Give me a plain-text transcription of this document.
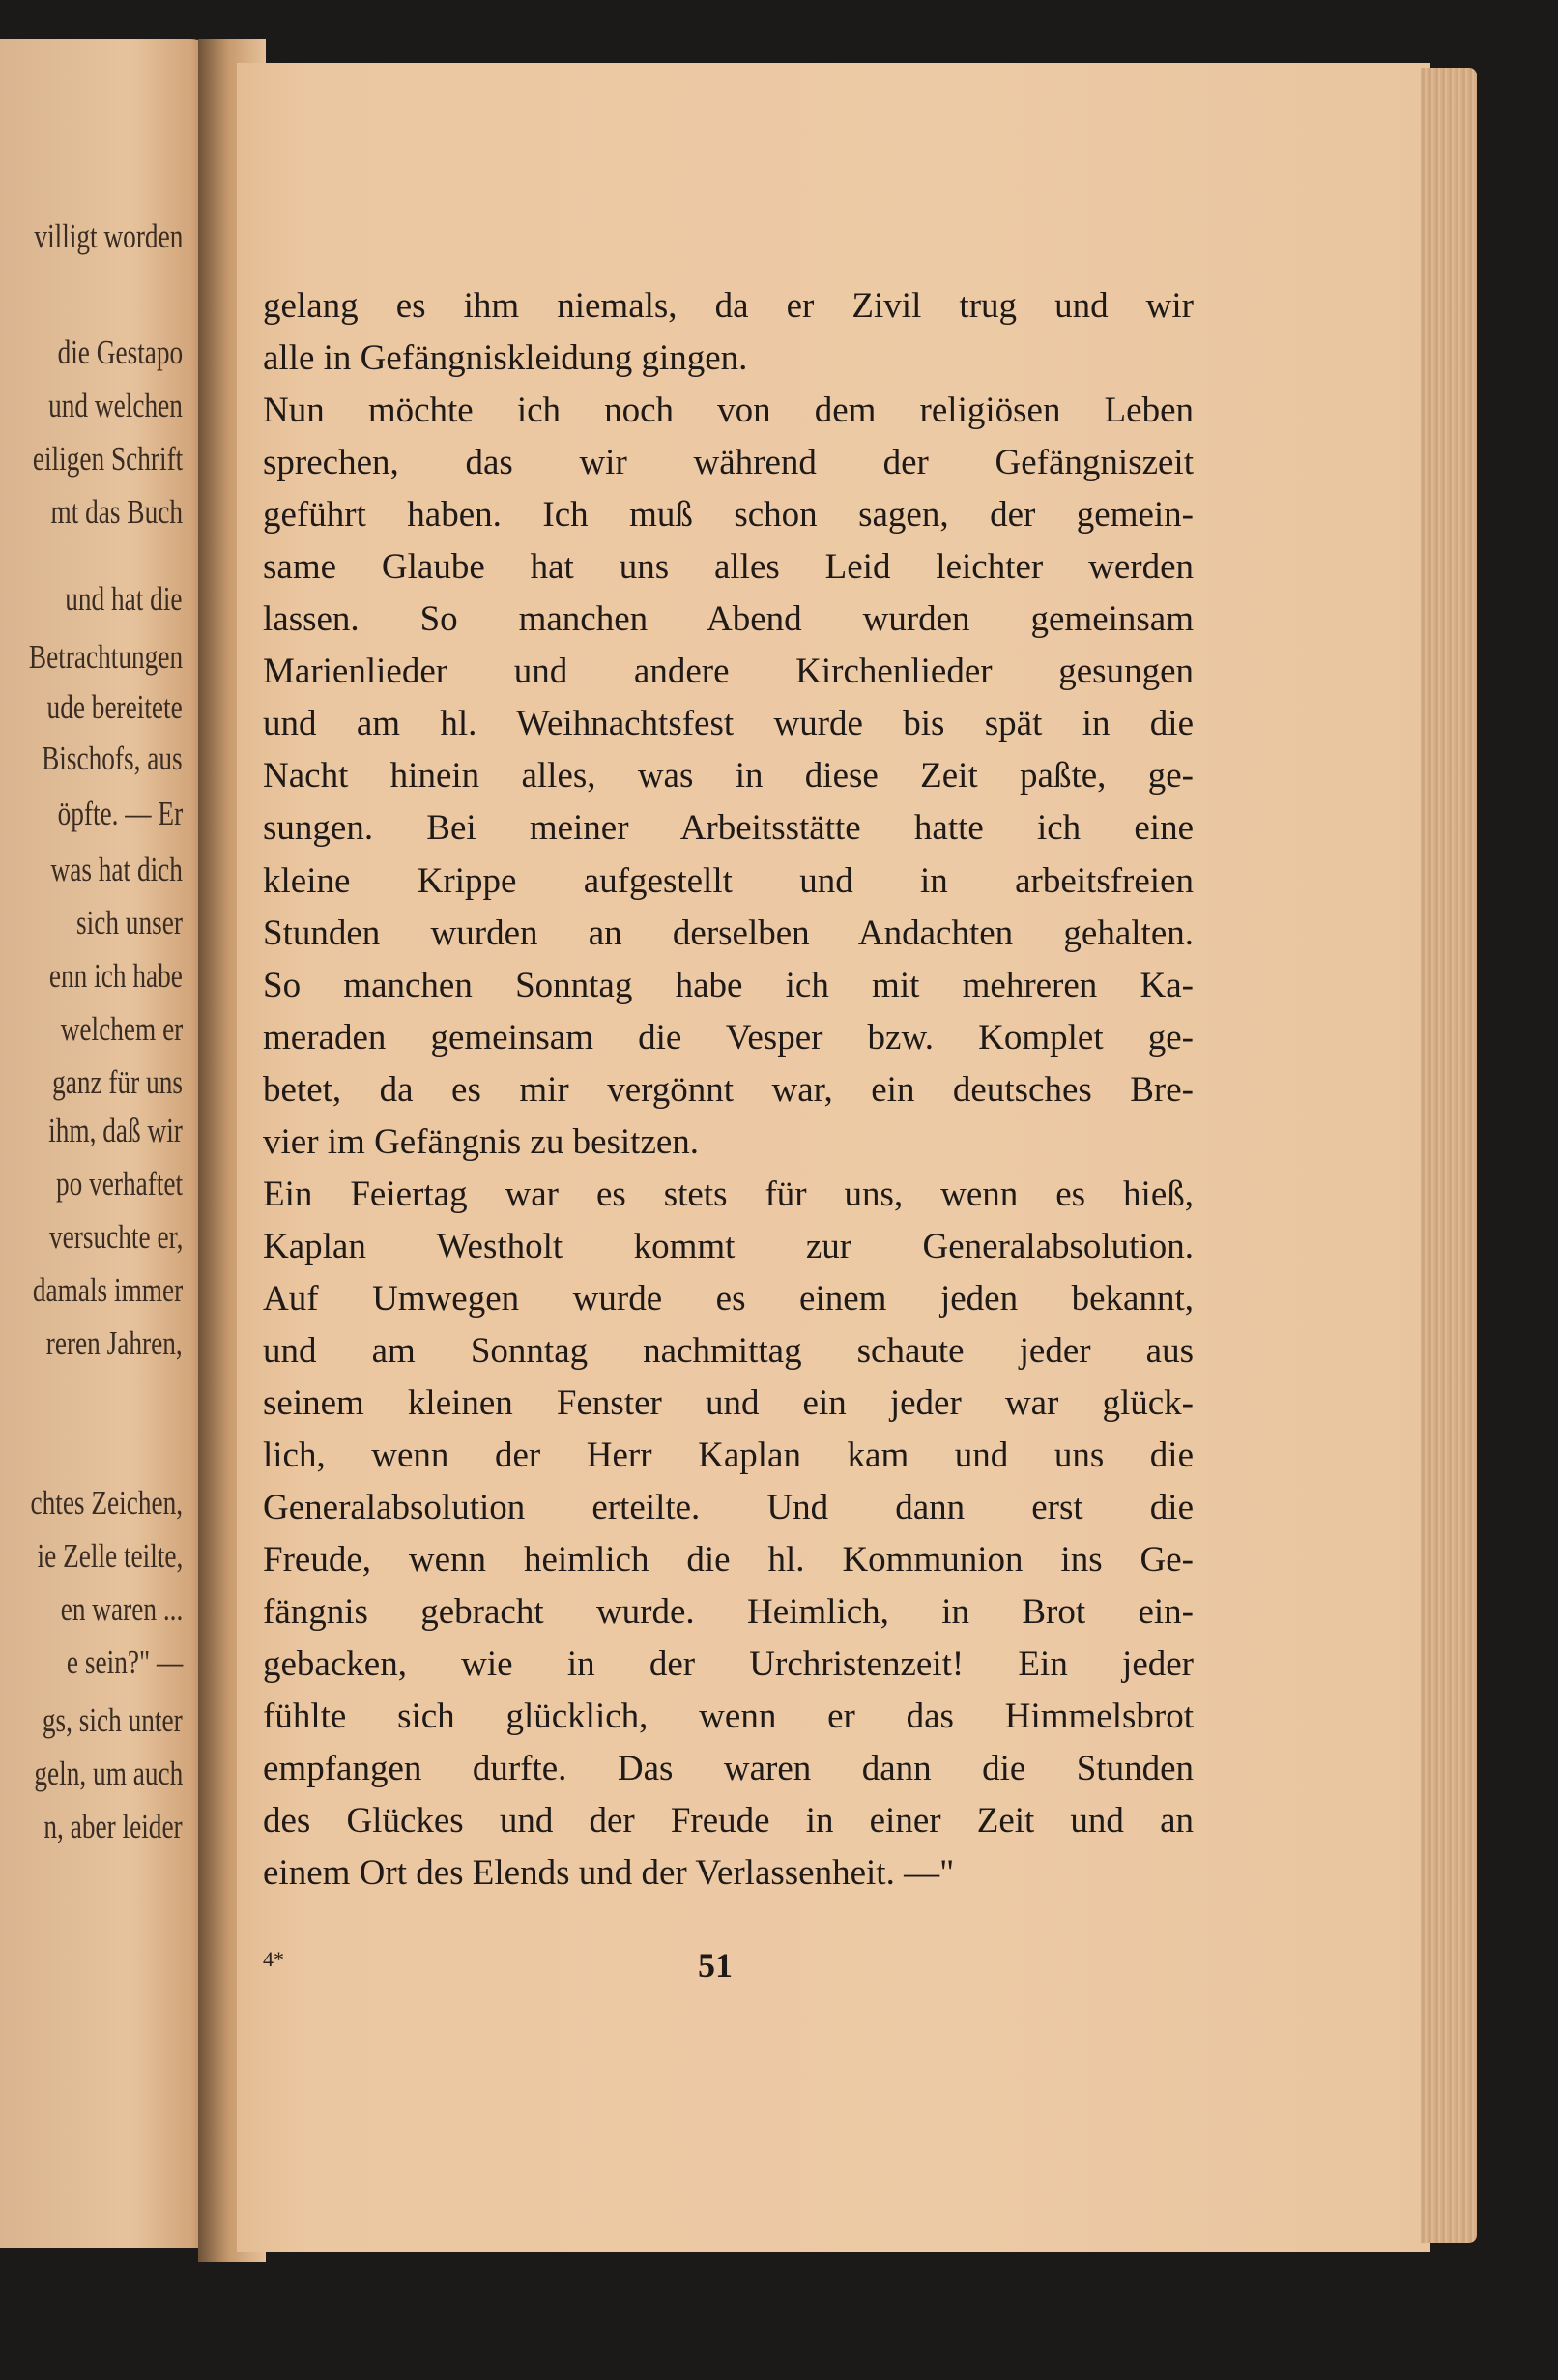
villigt worden
die Gestapo
und welchen
eiligen Schrift
mt das Buch
und hat die
Betrachtungen
ude bereitete
Bischofs, aus
öpfte. — Er
was hat dich
sich unser
enn ich habe
welchem er
ganz für uns
ihm, daß wir
po verhaftet
versuchte er,
damals immer
reren Jahren,
chtes Zeichen,
ie Zelle teilte,
en waren ...
e sein?" —
gs, sich unter
geln, um auch
n, aber leider
gelang es ihm niemals, da er Zivil trug und wir
alle in Gefängniskleidung gingen.
Nun möchte ich noch von dem religiösen Leben
sprechen, das wir während der Gefängniszeit
geführt haben. Ich muß schon sagen, der gemein-
same Glaube hat uns alles Leid leichter werden
lassen. So manchen Abend wurden gemeinsam
Marienlieder und andere Kirchenlieder gesungen
und am hl. Weihnachtsfest wurde bis spät in die
Nacht hinein alles, was in diese Zeit paßte, ge-
sungen. Bei meiner Arbeitsstätte hatte ich eine
kleine Krippe aufgestellt und in arbeitsfreien
Stunden wurden an derselben Andachten gehalten.
So manchen Sonntag habe ich mit mehreren Ka-
meraden gemeinsam die Vesper bzw. Komplet ge-
betet, da es mir vergönnt war, ein deutsches Bre-
vier im Gefängnis zu besitzen.
Ein Feiertag war es stets für uns, wenn es hieß,
Kaplan Westholt kommt zur Generalabsolution.
Auf Umwegen wurde es einem jeden bekannt,
und am Sonntag nachmittag schaute jeder aus
seinem kleinen Fenster und ein jeder war glück-
lich, wenn der Herr Kaplan kam und uns die
Generalabsolution erteilte. Und dann erst die
Freude, wenn heimlich die hl. Kommunion ins Ge-
fängnis gebracht wurde. Heimlich, in Brot ein-
gebacken, wie in der Urchristenzeit! Ein jeder
fühlte sich glücklich, wenn er das Himmelsbrot
empfangen durfte. Das waren dann die Stunden
des Glückes und der Freude in einer Zeit und an
einem Ort des Elends und der Verlassenheit. —"
4*	51
